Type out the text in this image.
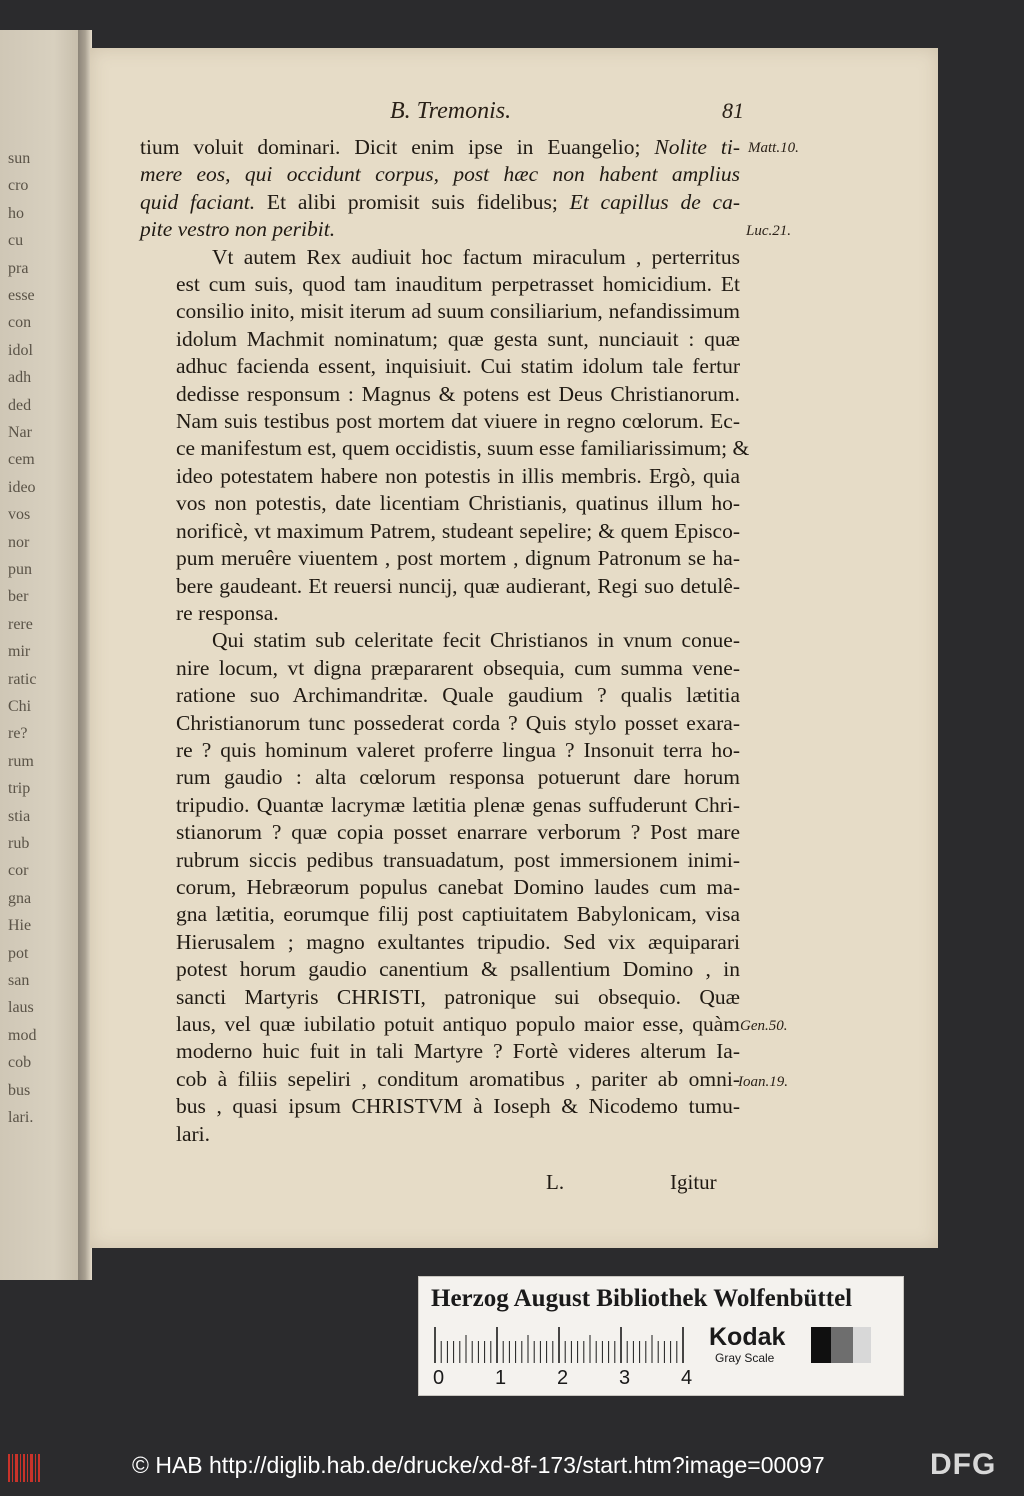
sun
cro
ho
cu
pra
esse
con
idol
adh
ded
Nar
cem
ideo
vos
nor
pun
ber
rere
mir
ratic
Chi
re?
rum
trip
stia
rub
cor
gna
Hie
pot
san
laus
mod
cob
bus
lari.
B. Tremonis.	81

tium voluit dominari. Dicit enim ipse in Euangelio; Nolite ti-
mere eos, qui occidunt corpus, post hæc non habent amplius
quid faciant. Et alibi promisit suis fidelibus; Et capillus de ca-
pite vestro non peribit.

Vt autem Rex audiuit hoc factum miraculum , perterritus
est cum suis, quod tam inauditum perpetrasset homicidium. Et
consilio inito, misit iterum ad suum consiliarium, nefandissimum
idolum Machmit nominatum; quæ gesta sunt, nunciauit : quæ
adhuc facienda essent, inquisiuit. Cui statim idolum tale fertur
dedisse responsum : Magnus & potens est Deus Christianorum.
Nam suis testibus post mortem dat viuere in regno cœlorum. Ec-
ce manifestum est, quem occidistis, suum esse familiarissimum; &
ideo potestatem habere non potestis in illis membris. Ergò, quia
vos non potestis, date licentiam Christianis, quatinus illum ho-
norificè, vt maximum Patrem, studeant sepelire; & quem Episco-
pum meruêre viuentem , post mortem , dignum Patronum se ha-
bere gaudeant. Et reuersi nuncij, quæ audierant, Regi suo detulê-
re responsa.

Qui statim sub celeritate fecit Christianos in vnum conue-
nire locum, vt digna præpararent obsequia, cum summa vene-
ratione suo Archimandritæ. Quale gaudium ? qualis lætitia
Christianorum tunc possederat corda ? Quis stylo posset exara-
re ? quis hominum valeret proferre lingua ? Insonuit terra ho-
rum gaudio : alta cœlorum responsa potuerunt dare horum
tripudio. Quantæ lacrymæ lætitia plenæ genas suffuderunt Chri-
stianorum ? quæ copia posset enarrare verborum ? Post mare
rubrum siccis pedibus transuadatum, post immersionem inimi-
corum, Hebræorum populus canebat Domino laudes cum ma-
gna lætitia, eorumque filij post captiuitatem Babylonicam, visa
Hierusalem ; magno exultantes tripudio. Sed vix æquiparari
potest horum gaudio canentium & psallentium Domino , in
sancti Martyris CHRISTI, patronique sui obsequio. Quæ
laus, vel quæ iubilatio potuit antiquo populo maior esse, quàm
moderno huic fuit in tali Martyre ? Fortè videres alterum Ia-
cob à filiis sepeliri , conditum aromatibus , pariter ab omni-
bus , quasi ipsum CHRISTVM à Ioseph & Nicodemo tumu-
lari.

Matt.10.
Luc.21.
Gen.50.
Ioan.19.
L.	Igitur
Herzog August Bibliothek Wolfenbüttel
0	1	2	3	4
Kodak
Gray Scale
© HAB http://diglib.hab.de/drucke/xd-8f-173/start.htm?image=00097	DFG
